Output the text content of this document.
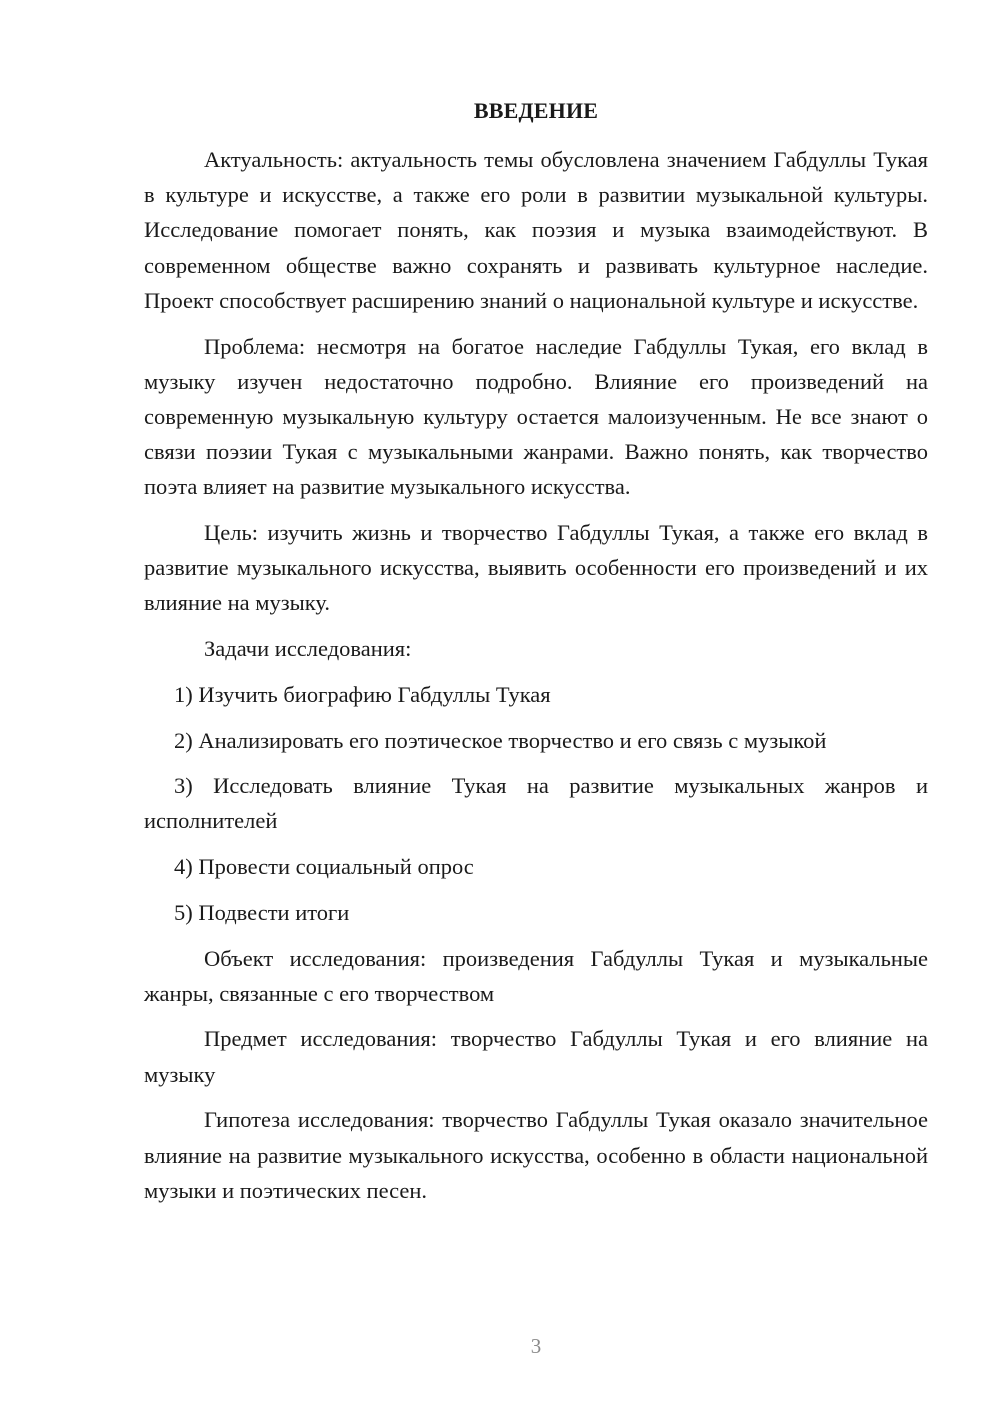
ВВЕДЕНИЕ

Актуальность: актуальность темы обусловлена значением Габдуллы Тукая в культуре и искусстве, а также его роли в развитии музыкальной культуры. Исследование помогает понять, как поэзия и музыка взаимодействуют. В современном обществе важно сохранять и развивать культурное наследие. Проект способствует расширению знаний о национальной культуре и искусстве.

Проблема: несмотря на богатое наследие Габдуллы Тукая, его вклад в музыку изучен недостаточно подробно. Влияние его произведений на современную музыкальную культуру остается малоизученным. Не все знают о связи поэзии Тукая с музыкальными жанрами. Важно понять, как творчество поэта влияет на развитие музыкального искусства.

Цель: изучить жизнь и творчество Габдуллы Тукая, а также его вклад в развитие музыкального искусства, выявить особенности его произведений и их влияние на музыку.

Задачи исследования:

1) Изучить биографию Габдуллы Тукая

2) Анализировать его поэтическое творчество и его связь с музыкой

3) Исследовать влияние Тукая на развитие музыкальных жанров и исполнителей

4) Провести социальный опрос

5) Подвести итоги

Объект исследования: произведения Габдуллы Тукая и музыкальные жанры, связанные с его творчеством

Предмет исследования: творчество Габдуллы Тукая и его влияние на музыку

Гипотеза исследования: творчество Габдуллы Тукая оказало значительное влияние на развитие музыкального искусства, особенно в области национальной музыки и поэтических песен.

3
